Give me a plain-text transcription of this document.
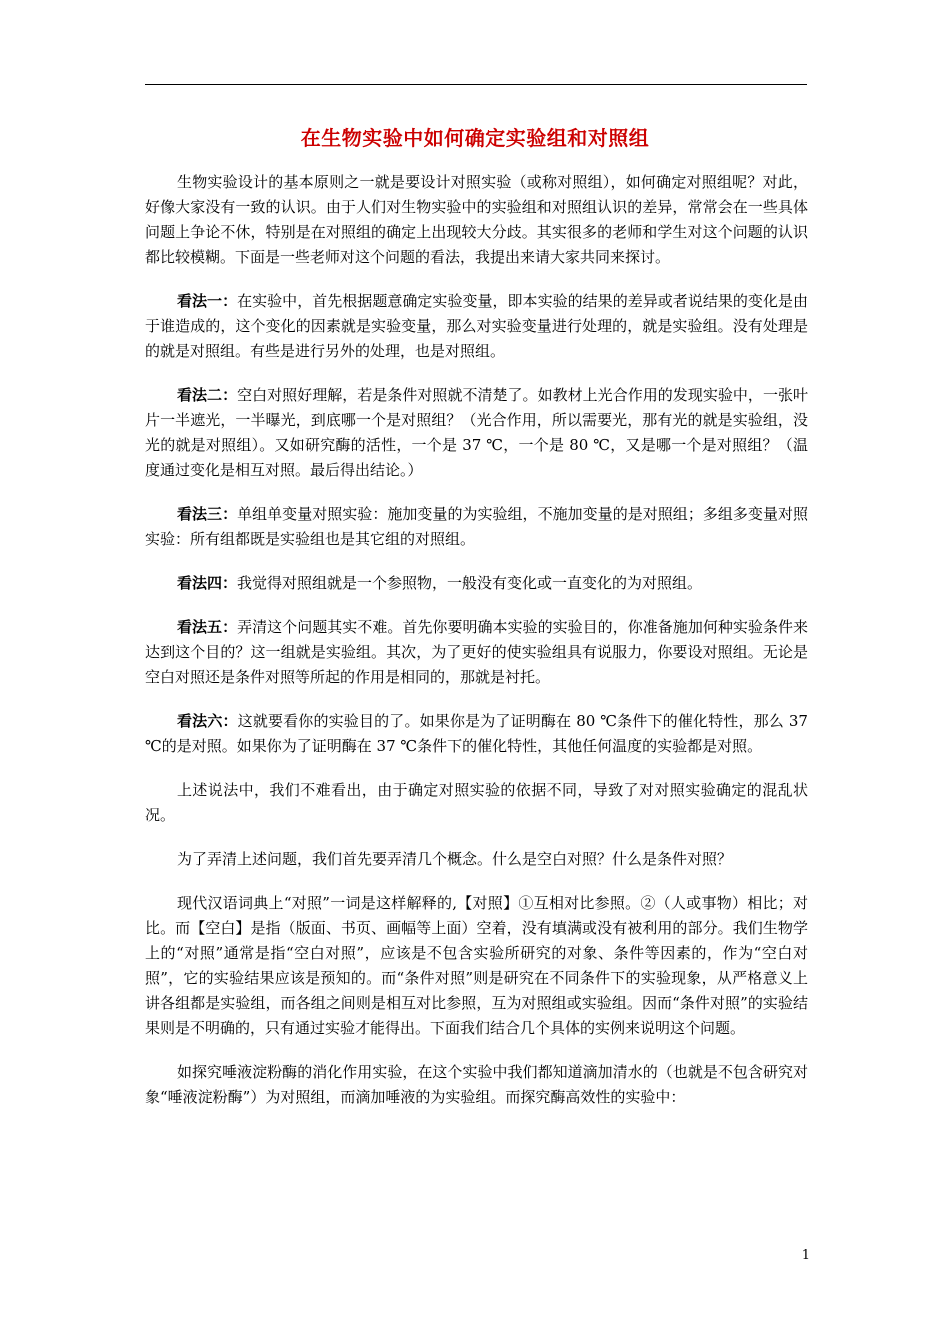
在生物实验中如何确定实验组和对照组

生物实验设计的基本原则之一就是要设计对照实验（或称对照组），如何确定对照组呢？对此，好像大家没有一致的认识。由于人们对生物实验中的实验组和对照组认识的差异，常常会在一些具体问题上争论不休，特别是在对照组的确定上出现较大分歧。其实很多的老师和学生对这个问题的认识都比较模糊。下面是一些老师对这个问题的看法，我提出来请大家共同来探讨。

看法一：在实验中，首先根据题意确定实验变量，即本实验的结果的差异或者说结果的变化是由于谁造成的，这个变化的因素就是实验变量，那么对实验变量进行处理的，就是实验组。没有处理是的就是对照组。有些是进行另外的处理，也是对照组。

看法二：空白对照好理解，若是条件对照就不清楚了。如教材上光合作用的发现实验中，一张叶片一半遮光，一半曝光，到底哪一个是对照组？（光合作用，所以需要光，那有光的就是实验组，没光的就是对照组）。又如研究酶的活性，一个是 37 ℃，一个是 80 ℃，又是哪一个是对照组？（温度通过变化是相互对照。最后得出结论。）

看法三：单组单变量对照实验：施加变量的为实验组，不施加变量的是对照组；多组多变量对照实验：所有组都既是实验组也是其它组的对照组。

看法四：我觉得对照组就是一个参照物，一般没有变化或一直变化的为对照组。

看法五：弄清这个问题其实不难。首先你要明确本实验的实验目的，你准备施加何种实验条件来达到这个目的？这一组就是实验组。其次，为了更好的使实验组具有说服力，你要设对照组。无论是空白对照还是条件对照等所起的作用是相同的，那就是衬托。

看法六：这就要看你的实验目的了。如果你是为了证明酶在 80 ℃条件下的催化特性，那么 37 ℃的是对照。如果你为了证明酶在 37 ℃条件下的催化特性，其他任何温度的实验都是对照。

上述说法中，我们不难看出，由于确定对照实验的依据不同，导致了对对照实验确定的混乱状况。

为了弄清上述问题，我们首先要弄清几个概念。什么是空白对照？什么是条件对照？

现代汉语词典上“对照”一词是这样解释的,【对照】①互相对比参照。②（人或事物）相比；对比。而【空白】是指（版面、书页、画幅等上面）空着，没有填满或没有被利用的部分。我们生物学上的“对照”通常是指“空白对照”，应该是不包含实验所研究的对象、条件等因素的，作为“空白对照”，它的实验结果应该是预知的。而“条件对照”则是研究在不同条件下的实验现象，从严格意义上讲各组都是实验组，而各组之间则是相互对比参照，互为对照组或实验组。因而“条件对照”的实验结果则是不明确的，只有通过实验才能得出。下面我们结合几个具体的实例来说明这个问题。

如探究唾液淀粉酶的消化作用实验，在这个实验中我们都知道滴加清水的（也就是不包含研究对象“唾液淀粉酶”）为对照组，而滴加唾液的为实验组。而探究酶高效性的实验中：

1
